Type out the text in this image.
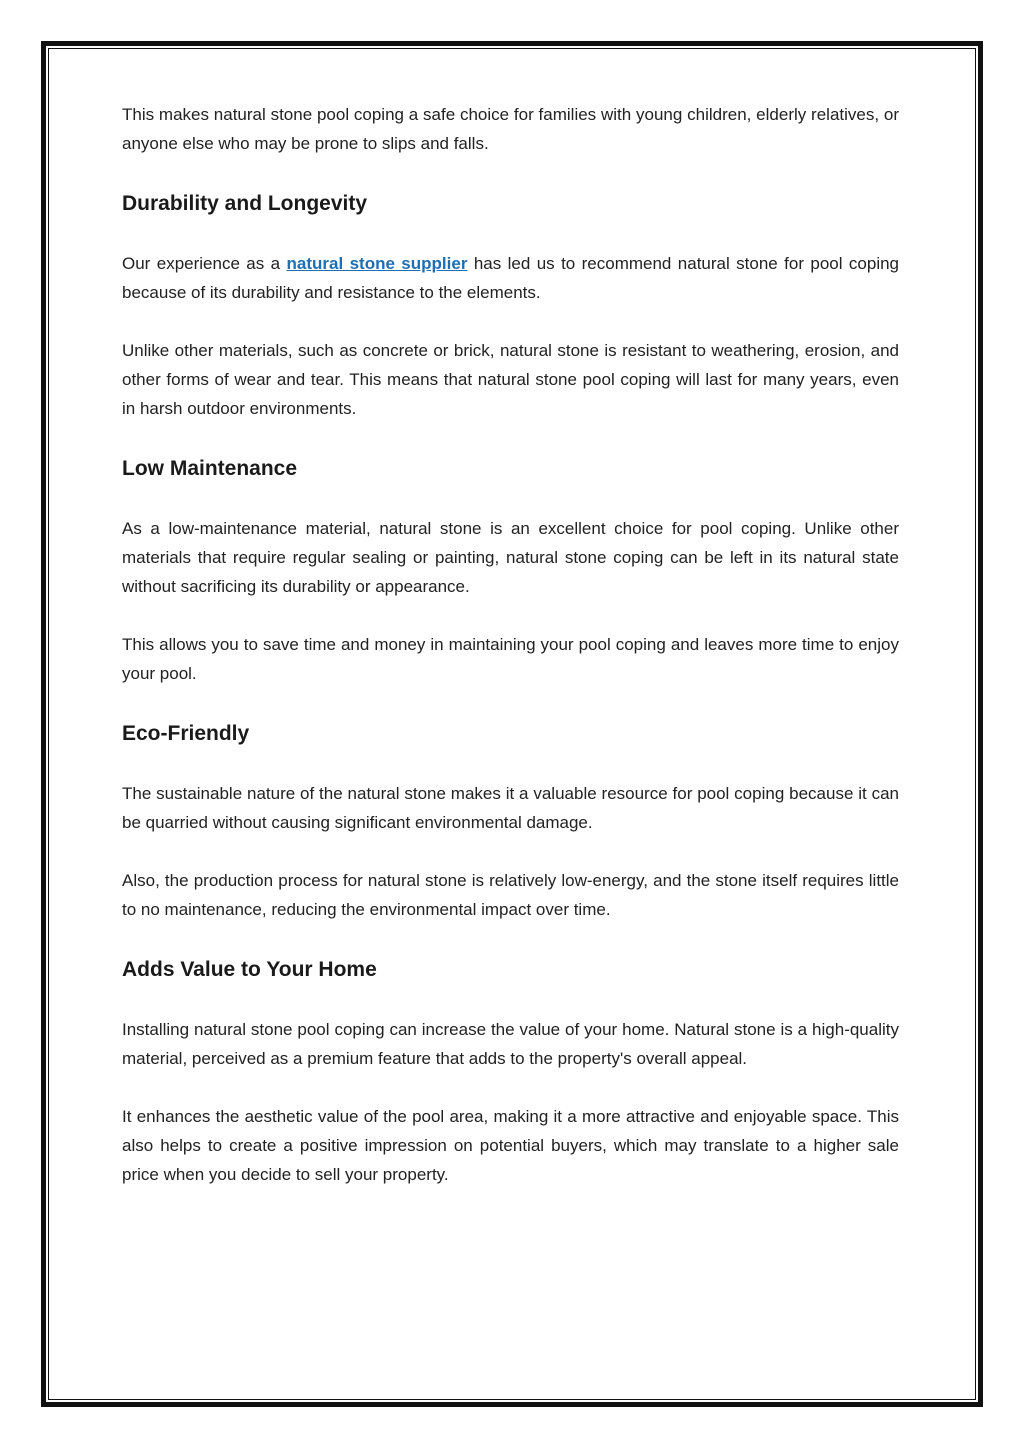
This makes natural stone pool coping a safe choice for families with young children, elderly relatives, or anyone else who may be prone to slips and falls.

Durability and Longevity

Our experience as a natural stone supplier has led us to recommend natural stone for pool coping because of its durability and resistance to the elements.

Unlike other materials, such as concrete or brick, natural stone is resistant to weathering, erosion, and other forms of wear and tear. This means that natural stone pool coping will last for many years, even in harsh outdoor environments.

Low Maintenance

As a low-maintenance material, natural stone is an excellent choice for pool coping. Unlike other materials that require regular sealing or painting, natural stone coping can be left in its natural state without sacrificing its durability or appearance.

This allows you to save time and money in maintaining your pool coping and leaves more time to enjoy your pool.

Eco-Friendly

The sustainable nature of the natural stone makes it a valuable resource for pool coping because it can be quarried without causing significant environmental damage.

Also, the production process for natural stone is relatively low-energy, and the stone itself requires little to no maintenance, reducing the environmental impact over time.

Adds Value to Your Home

Installing natural stone pool coping can increase the value of your home. Natural stone is a high-quality material, perceived as a premium feature that adds to the property's overall appeal.

It enhances the aesthetic value of the pool area, making it a more attractive and enjoyable space. This also helps to create a positive impression on potential buyers, which may translate to a higher sale price when you decide to sell your property.
